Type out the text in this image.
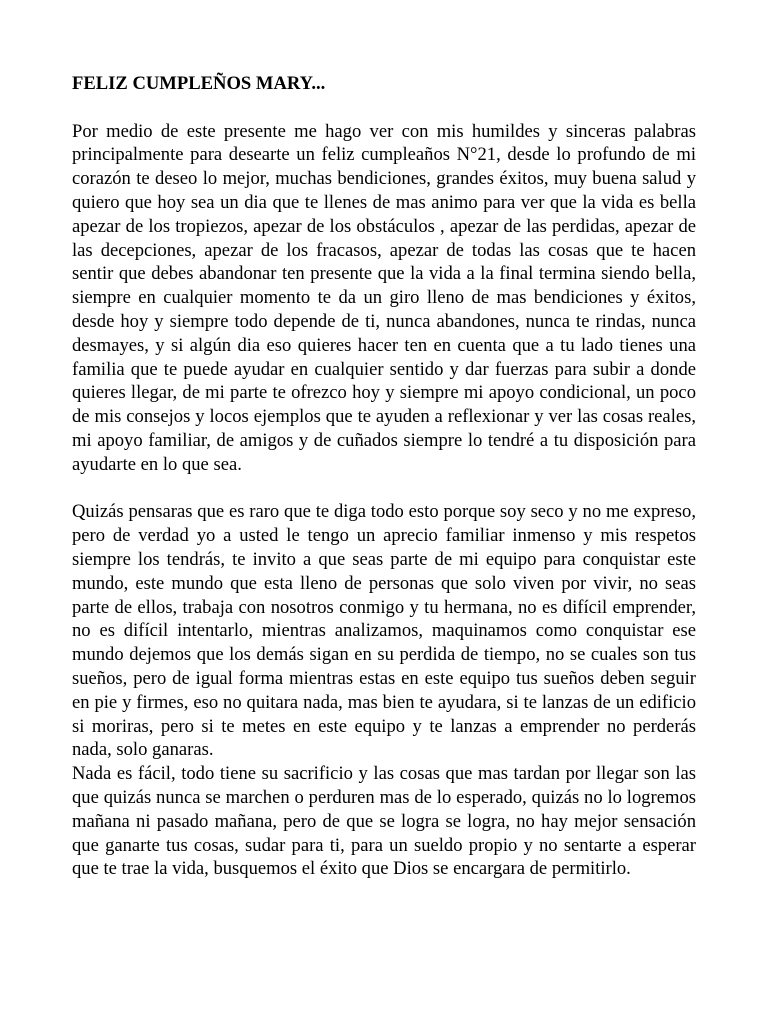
FELIZ CUMPLEÑOS MARY...

Por medio de este presente me hago ver con mis humildes y sinceras palabras principalmente para desearte un feliz cumpleaños N°21, desde lo profundo de mi corazón te deseo lo mejor, muchas bendiciones, grandes éxitos, muy buena salud y quiero que hoy sea un dia que te llenes de mas animo para ver que la vida es bella apezar de los tropiezos, apezar de los obstáculos , apezar de las perdidas, apezar de las decepciones, apezar de los fracasos, apezar de todas las cosas que te hacen sentir que debes abandonar ten presente que la vida a la final termina siendo bella, siempre en cualquier momento te da un giro lleno de mas bendiciones y éxitos, desde hoy y siempre todo depende de ti, nunca abandones, nunca te rindas, nunca desmayes, y si algún dia eso quieres hacer ten en cuenta que a tu lado tienes una familia que te puede ayudar en cualquier sentido y dar fuerzas para subir a donde quieres llegar, de mi parte te ofrezco hoy y siempre mi apoyo condicional, un poco de mis consejos y locos ejemplos que te ayuden a reflexionar y ver las cosas reales, mi apoyo familiar, de amigos y de cuñados siempre lo tendré a tu disposición para ayudarte en lo que sea.

Quizás pensaras que es raro que te diga todo esto porque soy seco y no me expreso, pero de verdad yo a usted le tengo un aprecio familiar inmenso y mis respetos siempre los tendrás, te invito a que seas parte de mi equipo para conquistar este mundo, este mundo que esta lleno de personas que solo viven por vivir, no seas parte de ellos, trabaja con nosotros conmigo y tu hermana, no es difícil emprender, no es difícil intentarlo, mientras analizamos, maquinamos como conquistar ese mundo dejemos que los demás sigan en su perdida de tiempo, no se cuales son tus sueños, pero de igual forma mientras estas en este equipo tus sueños deben seguir en pie y firmes, eso no quitara nada, mas bien te ayudara, si te lanzas de un edificio si moriras, pero si te metes en este equipo y te lanzas a emprender no perderás nada, solo ganaras.

Nada es fácil, todo tiene su sacrificio y las cosas que mas tardan por llegar son las que quizás nunca se marchen o perduren mas de lo esperado, quizás no lo logremos mañana ni pasado mañana, pero de que se logra se logra, no hay mejor sensación que ganarte tus cosas, sudar para ti, para un sueldo propio y no sentarte a esperar que te trae la vida, busquemos el éxito que Dios se encargara de permitirlo.
